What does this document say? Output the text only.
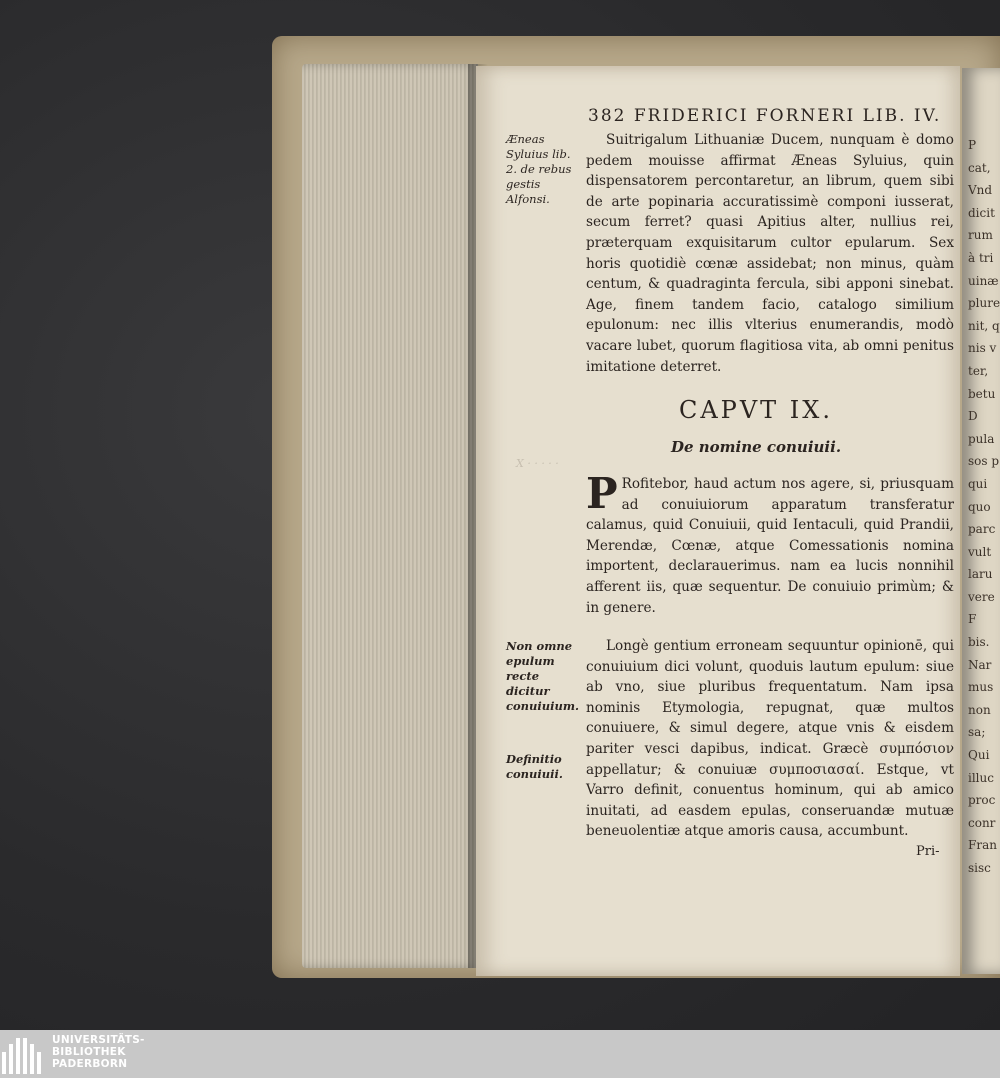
X · · · · ·
382 FRIDERICI FORNERI LIB. IV.
Æneas Syluius lib. 2. de rebus gestis Alfonsi.

Suitrigalum Lithuaniæ Ducem, nunquam è domo pedem mouisse affirmat Æneas Syluius, quin dispensatorem percontaretur, an librum, quem sibi de arte popinaria accuratissimè componi iusserat, secum ferret? quasi Apitius alter, nullius rei, præterquam exquisitarum cultor epularum. Sex horis quotidiè cœnæ assidebat; non minus, quàm centum, & quadraginta fercula, sibi apponi sinebat. Age, finem tandem facio, catalogo similium epulonum: nec illis vlterius enumerandis, modò vacare lubet, quorum flagitiosa vita, ab omni penitus imitatione deterret.

CAPVT IX.
De nomine conuiuii.

P Rofitebor, haud actum nos agere, si, priusquam ad conuiuiorum apparatum transferatur calamus, quid Conuiuii, quid Ientaculi, quid Prandii, Merendæ, Cœnæ, atque Comessationis nomina importent, declarauerimus. nam ea lucis nonnihil afferent iis, quæ sequentur. De conuiuio primùm; & in genere.

Non omne epulum recte dicitur conuiuium.

Longè gentium erroneam sequuntur opinionē, qui conuiuium dici volunt, quoduis lautum epulum: siue ab vno, siue pluribus frequentatum. Nam ipsa nominis Etymologia, repugnat, quæ multos conuiuere, & simul degere, atque vnis & eisdem pariter vesci dapibus, indicat. Græcè συμπόσιον appellatur; & conuiuæ συμποσιασαί. Estque, vt Varro definit, conuentus hominum, qui ab amico inuitati, ad easdem epulas, conseruandæ mutuæ beneuolentiæ atque amoris causa, accumbunt.

Definitio conuiuii.
Pri-
P
cat,
Vnd
dicit
rum
à tri
uinæ
plure
nit, q
nis v
ter,
betu
D
pula
sos p
qui
quo
parc
vult
laru
vere
F
bis.
Nar
mus
non
sa;
Qui
illuc
proc
conr
Fran
sisc
UNIVERSITÄTS-
BIBLIOTHEK
PADERBORN
